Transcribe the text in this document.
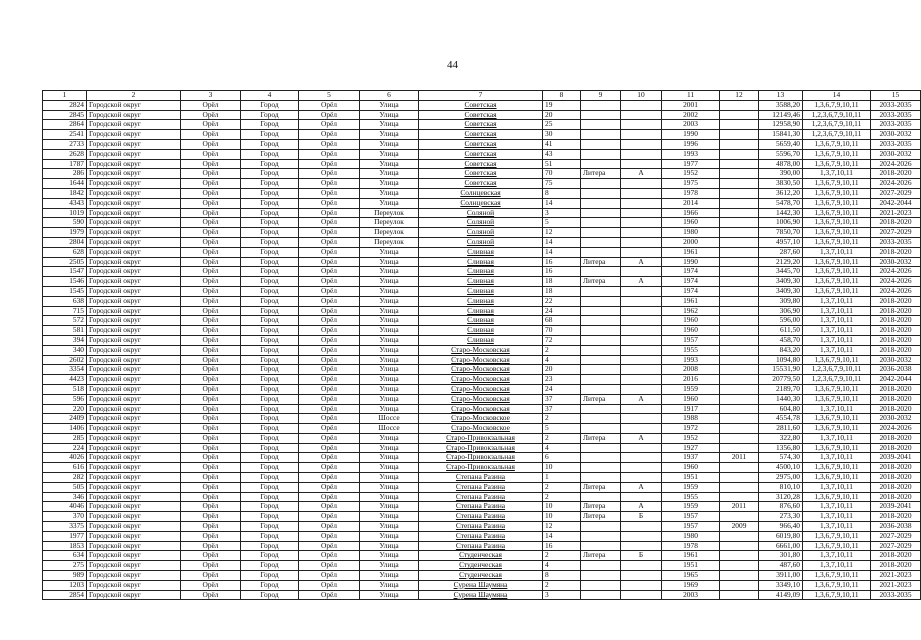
44
1	2	3	4	5	6	7	8	9	10	11	12	13	14	15
2824	Городской округ	Орёл	Город	Орёл	Улица	Советская	19			2001		3588,20	1,3,6,7,9,10,11	2033-2035
2845	Городской округ	Орёл	Город	Орёл	Улица	Советская	20			2002		12149,46	1,2,3,6,7,9,10,11	2033-2035
2864	Городской округ	Орёл	Город	Орёл	Улица	Советская	25			2003		12958,90	1,2,3,6,7,9,10,11	2033-2035
2541	Городской округ	Орёл	Город	Орёл	Улица	Советская	30			1990		15841,30	1,2,3,6,7,9,10,11	2030-2032
2733	Городской округ	Орёл	Город	Орёл	Улица	Советская	41			1996		5659,40	1,3,6,7,9,10,11	2033-2035
2628	Городской округ	Орёл	Город	Орёл	Улица	Советская	43			1993		5596,70	1,3,6,7,9,10,11	2030-2032
1787	Городской округ	Орёл	Город	Орёл	Улица	Советская	51			1977		4878,00	1,3,6,7,9,10,11	2024-2026
286	Городской округ	Орёл	Город	Орёл	Улица	Советская	70	Литера	А	1952		390,00	1,3,7,10,11	2018-2020
1644	Городской округ	Орёл	Город	Орёл	Улица	Советская	75			1975		3830,50	1,3,6,7,9,10,11	2024-2026
1842	Городской округ	Орёл	Город	Орёл	Улица	Солнцевская	8			1978		3612,20	1,3,6,7,9,10,11	2027-2029
4343	Городской округ	Орёл	Город	Орёл	Улица	Солнцевская	14			2014		5478,70	1,3,6,7,9,10,11	2042-2044
1019	Городской округ	Орёл	Город	Орёл	Переулок	Соляной	3			1966		1442,30	1,3,6,7,9,10,11	2021-2023
590	Городской округ	Орёл	Город	Орёл	Переулок	Соляной	5			1960		1006,90	1,3,6,7,9,10,11	2018-2020
1979	Городской округ	Орёл	Город	Орёл	Переулок	Соляной	12			1980		7850,70	1,3,6,7,9,10,11	2027-2029
2804	Городской округ	Орёл	Город	Орёл	Переулок	Соляной	14			2000		4957,10	1,3,6,7,9,10,11	2033-2035
628	Городской округ	Орёл	Город	Орёл	Улица	Сливная	14			1961		287,60	1,3,7,10,11	2018-2020
2505	Городской округ	Орёл	Город	Орёл	Улица	Сливная	16	Литера	А	1990		2129,20	1,3,6,7,9,10,11	2030-2032
1547	Городской округ	Орёл	Город	Орёл	Улица	Сливная	16			1974		3445,70	1,3,6,7,9,10,11	2024-2026
1546	Городской округ	Орёл	Город	Орёл	Улица	Сливная	18	Литера	А	1974		3409,30	1,3,6,7,9,10,11	2024-2026
1545	Городской округ	Орёл	Город	Орёл	Улица	Сливная	18			1974		3409,30	1,3,6,7,9,10,11	2024-2026
638	Городской округ	Орёл	Город	Орёл	Улица	Сливная	22			1961		309,80	1,3,7,10,11	2018-2020
715	Городской округ	Орёл	Город	Орёл	Улица	Сливная	24			1962		306,90	1,3,7,10,11	2018-2020
572	Городской округ	Орёл	Город	Орёл	Улица	Сливная	68			1960		596,00	1,3,7,10,11	2018-2020
581	Городской округ	Орёл	Город	Орёл	Улица	Сливная	70			1960		611,50	1,3,7,10,11	2018-2020
394	Городской округ	Орёл	Город	Орёл	Улица	Сливная	72			1957		458,70	1,3,7,10,11	2018-2020
340	Городской округ	Орёл	Город	Орёл	Улица	Старо-Московская	2			1955		843,20	1,3,7,10,11	2018-2020
2602	Городской округ	Орёл	Город	Орёл	Улица	Старо-Московская	4			1993		1094,80	1,3,6,7,9,10,11	2030-2032
3354	Городской округ	Орёл	Город	Орёл	Улица	Старо-Московская	20			2008		15531,90	1,2,3,6,7,9,10,11	2036-2038
4423	Городской округ	Орёл	Город	Орёл	Улица	Старо-Московская	23			2016		20779,50	1,2,3,6,7,9,10,11	2042-2044
518	Городской округ	Орёл	Город	Орёл	Улица	Старо-Московская	24			1959		2189,70	1,3,6,7,9,10,11	2018-2020
596	Городской округ	Орёл	Город	Орёл	Улица	Старо-Московская	37	Литера	А	1960		1440,30	1,3,6,7,9,10,11	2018-2020
220	Городской округ	Орёл	Город	Орёл	Улица	Старо-Московская	37			1917		604,80	1,3,7,10,11	2018-2020
2409	Городской округ	Орёл	Город	Орёл	Шоссе	Старо-Московское	2			1988		4554,78	1,3,6,7,9,10,11	2030-2032
1406	Городской округ	Орёл	Город	Орёл	Шоссе	Старо-Московское	5			1972		2811,60	1,3,6,7,9,10,11	2024-2026
285	Городской округ	Орёл	Город	Орёл	Улица	Старо-Привокзальная	2	Литера	А	1952		322,80	1,3,7,10,11	2018-2020
224	Городской округ	Орёл	Город	Орёл	Улица	Старо-Привокзальная	4			1927		1356,80	1,3,6,7,9,10,11	2018-2020
4026	Городской округ	Орёл	Город	Орёл	Улица	Старо-Привокзальная	6			1937	2011	574,30	1,3,7,10,11	2039-2041
616	Городской округ	Орёл	Город	Орёл	Улица	Старо-Привокзальная	10			1960		4500,10	1,3,6,7,9,10,11	2018-2020
282	Городской округ	Орёл	Город	Орёл	Улица	Степана Разина	1			1951		2975,00	1,3,6,7,9,10,11	2018-2020
505	Городской округ	Орёл	Город	Орёл	Улица	Степана Разина	2	Литера	А	1959		810,10	1,3,7,10,11	2018-2020
346	Городской округ	Орёл	Город	Орёл	Улица	Степана Разина	2			1955		3120,28	1,3,6,7,9,10,11	2018-2020
4046	Городской округ	Орёл	Город	Орёл	Улица	Степана Разина	10	Литера	А	1959	2011	876,60	1,3,7,10,11	2039-2041
370	Городской округ	Орёл	Город	Орёл	Улица	Степана Разина	10	Литера	Б	1957		273,30	1,3,7,10,11	2018-2020
3375	Городской округ	Орёл	Город	Орёл	Улица	Степана Разина	12			1957	2009	966,40	1,3,7,10,11	2036-2038
1977	Городской округ	Орёл	Город	Орёл	Улица	Степана Разина	14			1980		6019,80	1,3,6,7,9,10,11	2027-2029
1853	Городской округ	Орёл	Город	Орёл	Улица	Степана Разина	16			1978		6661,00	1,3,6,7,9,10,11	2027-2029
634	Городской округ	Орёл	Город	Орёл	Улица	Студенческая	2	Литера	Б	1961		301,80	1,3,7,10,11	2018-2020
275	Городской округ	Орёл	Город	Орёл	Улица	Студенческая	4			1951		487,60	1,3,7,10,11	2018-2020
989	Городской округ	Орёл	Город	Орёл	Улица	Студенческая	8			1965		3911,00	1,3,6,7,9,10,11	2021-2023
1203	Городской округ	Орёл	Город	Орёл	Улица	Сурена Шаумяна	2			1969		3349,10	1,3,6,7,9,10,11	2021-2023
2854	Городской округ	Орёл	Город	Орёл	Улица	Сурена Шаумяна	3			2003		4149,09	1,3,6,7,9,10,11	2033-2035
